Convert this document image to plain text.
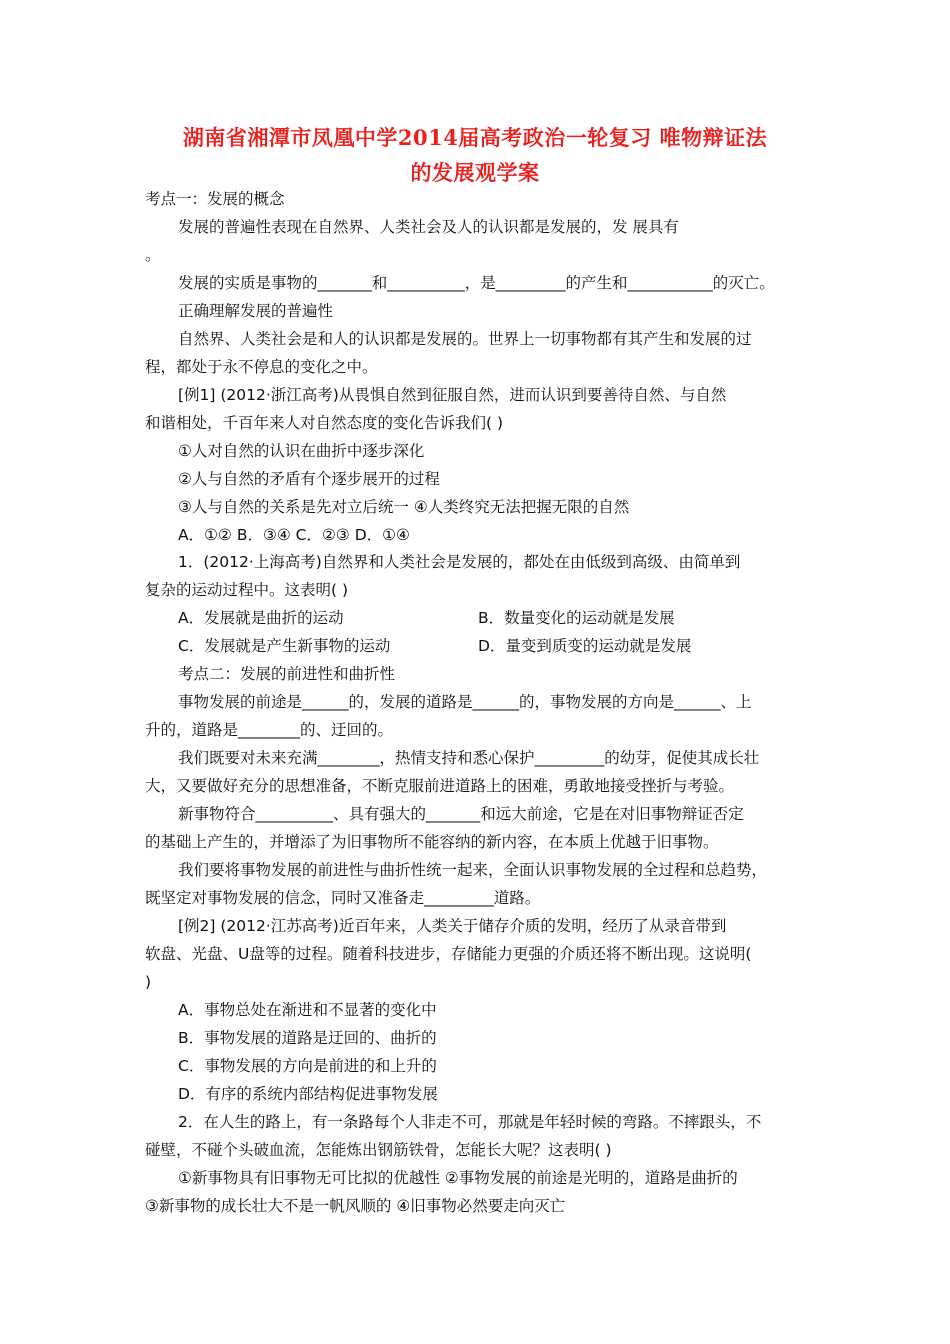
湖南省湘潭市凤凰中学2014届高考政治一轮复习 唯物辩证法
的发展观学案
考点一：发展的概念
发展的普遍性表现在自然界、人类社会及人的认识都是发展的，发 展具有
。
发展的实质是事物的_______和__________，是_________的产生和___________的灭亡。
正确理解发展的普遍性
自然界、人类社会是和人的认识都是发展的。世界上一切事物都有其产生和发展的过
程，都处于永不停息的变化之中。
[例1] (2012·浙江高考)从畏惧自然到征服自然，进而认识到要善待自然、与自然
和谐相处，千百年来人对自然态度的变化告诉我们( )
①人对自然的认识在曲折中逐步深化
②人与自然的矛盾有个逐步展开的过程
③人与自然的关系是先对立后统一 ④人类终究无法把握无限的自然
A．①② B．③④ C．②③ D．①④
1．(2012·上海高考)自然界和人类社会是发展的，都处在由低级到高级、由简单到
复杂的运动过程中。这表明( )
A．发展就是曲折的运动	B．数量变化的运动就是发展
C．发展就是产生新事物的运动	D．量变到质变的运动就是发展
考点二：发展的前进性和曲折性
事物发展的前途是______的，发展的道路是______的，事物发展的方向是______、上
升的，道路是________的、迂回的。
我们既要对未来充满________，热情支持和悉心保护_________的幼芽，促使其成长壮
大，又要做好充分的思想准备，不断克服前进道路上的困难，勇敢地接受挫折与考验。
新事物符合__________、具有强大的_______和远大前途，它是在对旧事物辩证否定
的基础上产生的，并增添了为旧事物所不能容纳的新内容，在本质上优越于旧事物。
我们要将事物发展的前进性与曲折性统一起来，全面认识事物发展的全过程和总趋势，
既坚定对事物发展的信念，同时又准备走_________道路。
[例2] (2012·江苏高考)近百年来，人类关于储存介质的发明，经历了从录音带到
软盘、光盘、U盘等的过程。随着科技进步，存储能力更强的介质还将不断出现。这说明(
)
A．事物总处在渐进和不显著的变化中
B．事物发展的道路是迂回的、曲折的
C．事物发展的方向是前进的和上升的
D．有序的系统内部结构促进事物发展
2．在人生的路上，有一条路每个人非走不可，那就是年轻时候的弯路。不摔跟头，不
碰壁，不碰个头破血流，怎能炼出钢筋铁骨，怎能长大呢？这表明( )
①新事物具有旧事物无可比拟的优越性 ②事物发展的前途是光明的，道路是曲折的
③新事物的成长壮大不是一帆风顺的 ④旧事物必然要走向灭亡
